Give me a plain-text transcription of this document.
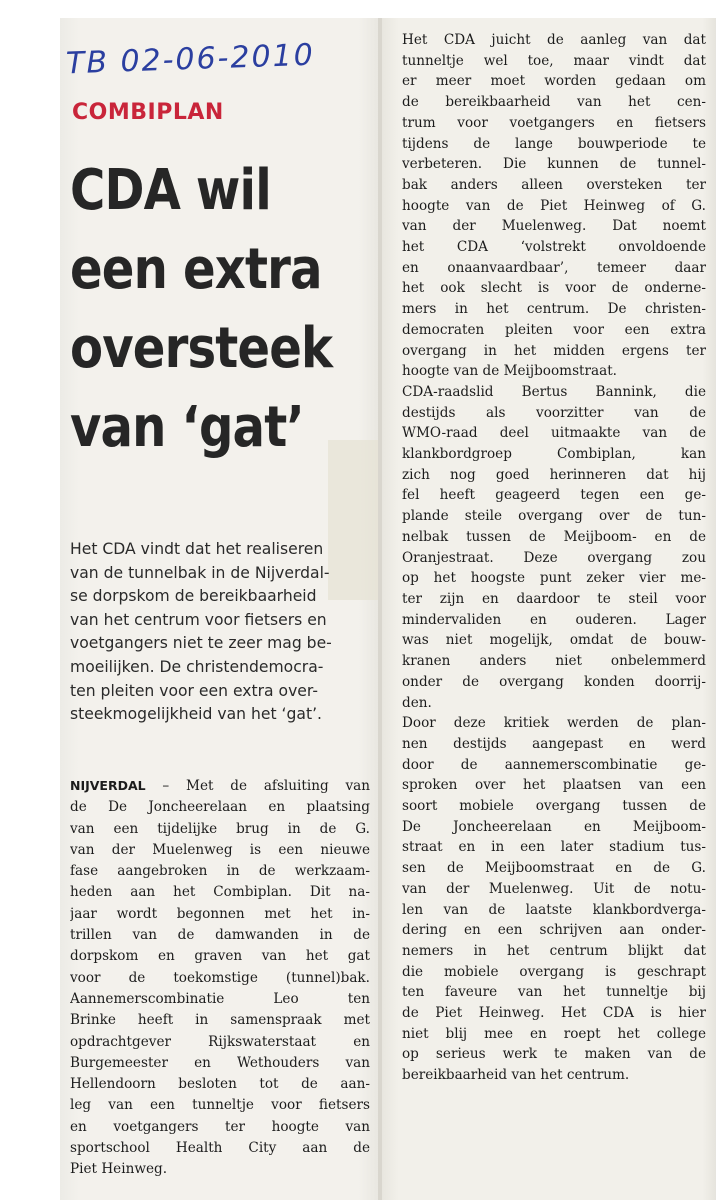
TB 02-06-2010
COMBIPLAN
CDA wil
een extra
oversteek
van ‘gat’
Het CDA vindt dat het realiseren
van de tunnelbak in de Nijverdal-
se dorpskom de bereikbaarheid
van het centrum voor fietsers en
voetgangers niet te zeer mag be-
moeilijken. De christendemocra-
ten pleiten voor een extra over-
steekmogelijkheid van het ‘gat’.
NIJVERDAL – Met de afsluiting van
de De Joncheerelaan en plaatsing
van een tijdelijke brug in de G.
van der Muelenweg is een nieuwe
fase aangebroken in de werkzaam-
heden aan het Combiplan. Dit na-
jaar wordt begonnen met het in-
trillen van de damwanden in de
dorpskom en graven van het gat
voor de toekomstige (tunnel)bak.
Aannemerscombinatie Leo ten
Brinke heeft in samenspraak met
opdrachtgever Rijkswaterstaat en
Burgemeester en Wethouders van
Hellendoorn besloten tot de aan-
leg van een tunneltje voor fietsers
en voetgangers ter hoogte van
sportschool Health City aan de
Piet Heinweg.
Het CDA juicht de aanleg van dat
tunneltje wel toe, maar vindt dat
er meer moet worden gedaan om
de bereikbaarheid van het cen-
trum voor voetgangers en fietsers
tijdens de lange bouwperiode te
verbeteren. Die kunnen de tunnel-
bak anders alleen oversteken ter
hoogte van de Piet Heinweg of G.
van der Muelenweg. Dat noemt
het CDA ‘volstrekt onvoldoende
en onaanvaardbaar’, temeer daar
het ook slecht is voor de onderne-
mers in het centrum. De christen-
democraten pleiten voor een extra
overgang in het midden ergens ter
hoogte van de Meijboomstraat.
CDA-raadslid Bertus Bannink, die
destijds als voorzitter van de
WMO-raad deel uitmaakte van de
klankbordgroep Combiplan, kan
zich nog goed herinneren dat hij
fel heeft geageerd tegen een ge-
plande steile overgang over de tun-
nelbak tussen de Meijboom- en de
Oranjestraat. Deze overgang zou
op het hoogste punt zeker vier me-
ter zijn en daardoor te steil voor
mindervaliden en ouderen. Lager
was niet mogelijk, omdat de bouw-
kranen anders niet onbelemmerd
onder de overgang konden doorrij-
den.
Door deze kritiek werden de plan-
nen destijds aangepast en werd
door de aannemerscombinatie ge-
sproken over het plaatsen van een
soort mobiele overgang tussen de
De Joncheerelaan en Meijboom-
straat en in een later stadium tus-
sen de Meijboomstraat en de G.
van der Muelenweg. Uit de notu-
len van de laatste klankbordverga-
dering en een schrijven aan onder-
nemers in het centrum blijkt dat
die mobiele overgang is geschrapt
ten faveure van het tunneltje bij
de Piet Heinweg. Het CDA is hier
niet blij mee en roept het college
op serieus werk te maken van de
bereikbaarheid van het centrum.
